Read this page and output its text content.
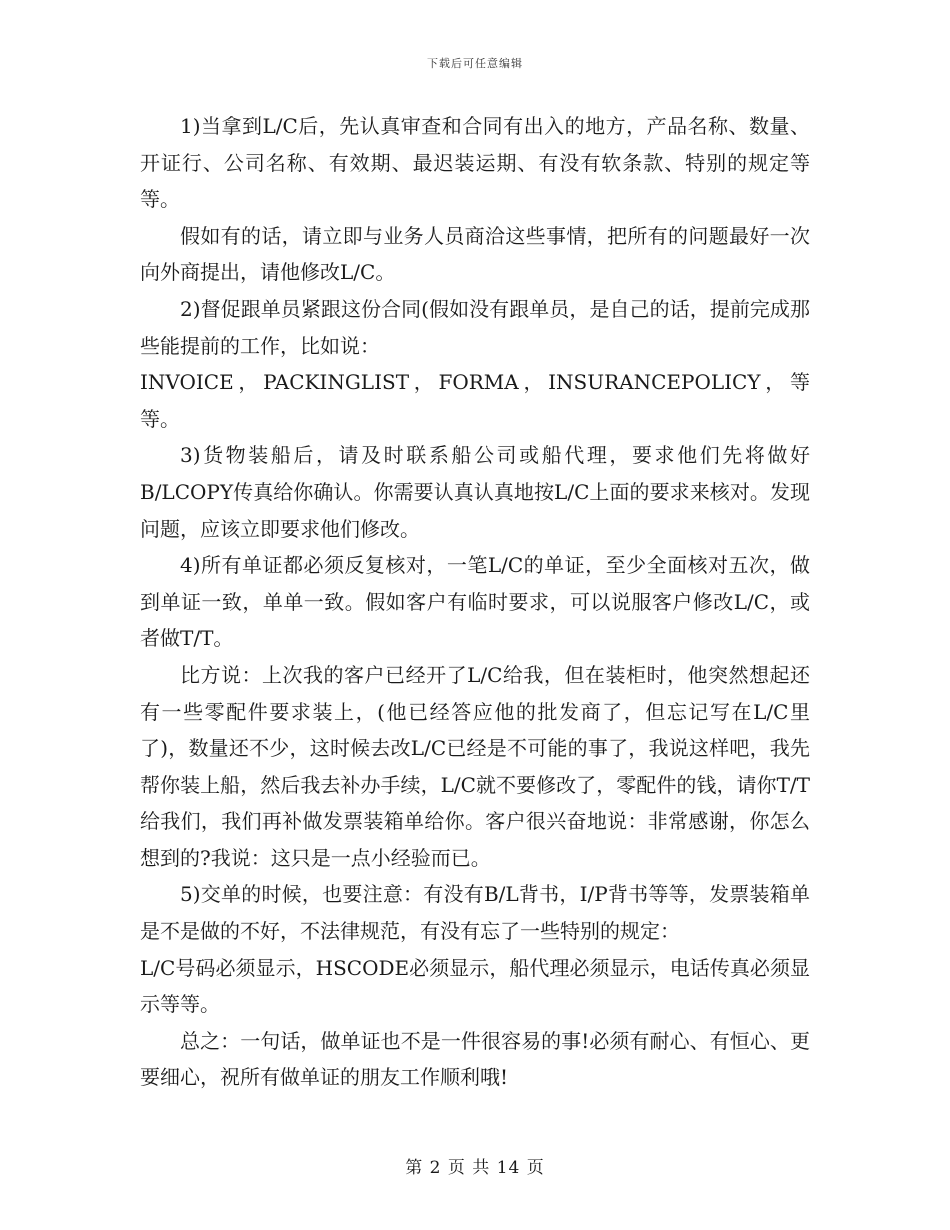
下载后可任意编辑

1)当拿到L/C后，先认真审查和合同有出入的地方，产品名称、数量、开证行、公司名称、有效期、最迟装运期、有没有软条款、特别的规定等等。

假如有的话，请立即与业务人员商洽这些事情，把所有的问题最好一次向外商提出，请他修改L/C。

2)督促跟单员紧跟这份合同(假如没有跟单员，是自己的话，提前完成那些能提前的工作，比如说：

INVOICE，PACKINGLIST，FORMA，INSURANCEPOLICY，等等。

3)货物装船后，请及时联系船公司或船代理，要求他们先将做好B/LCOPY传真给你确认。你需要认真认真地按L/C上面的要求来核对。发现问题，应该立即要求他们修改。

4)所有单证都必须反复核对，一笔L/C的单证，至少全面核对五次，做到单证一致，单单一致。假如客户有临时要求，可以说服客户修改L/C，或者做T/T。

比方说：上次我的客户已经开了L/C给我，但在装柜时，他突然想起还有一些零配件要求装上，(他已经答应他的批发商了，但忘记写在L/C里了)，数量还不少，这时候去改L/C已经是不可能的事了，我说这样吧，我先帮你装上船，然后我去补办手续，L/C就不要修改了，零配件的钱，请你T/T给我们，我们再补做发票装箱单给你。客户很兴奋地说：非常感谢，你怎么想到的?我说：这只是一点小经验而已。

5)交单的时候，也要注意：有没有B/L背书，I/P背书等等，发票装箱单是不是做的不好，不法律规范，有没有忘了一些特别的规定：

L/C号码必须显示，HSCODE必须显示，船代理必须显示，电话传真必须显示等等。

总之：一句话，做单证也不是一件很容易的事!必须有耐心、有恒心、更要细心，祝所有做单证的朋友工作顺利哦!

第 2 页 共 14 页
